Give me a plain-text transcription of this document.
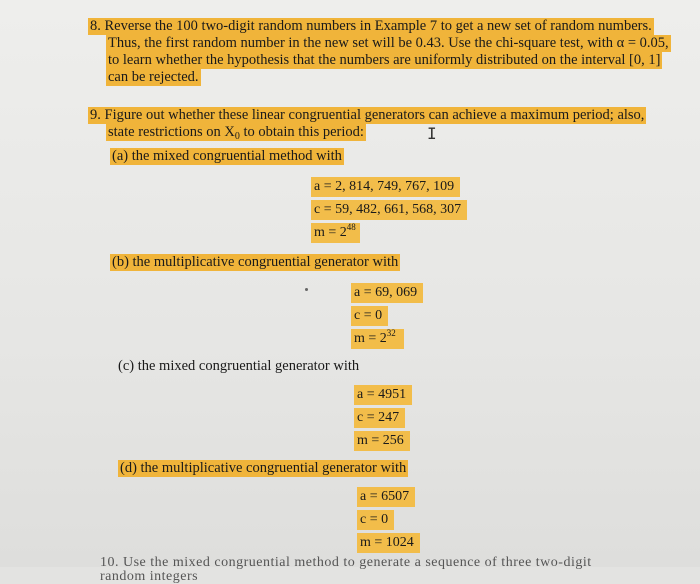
8. Reverse the 100 two-digit random numbers in Example 7 to get a new set of random numbers.
Thus, the first random number in the new set will be 0.43. Use the chi-square test, with α = 0.05,
to learn whether the hypothesis that the numbers are uniformly distributed on the interval [0, 1]
can be rejected.
9. Figure out whether these linear congruential generators can achieve a maximum period; also,
state restrictions on $X_0$ to obtain this period:	I
(a) the mixed congruential method with
a = 2, 814, 749, 767, 109
c = 59, 482, 661, 568, 307
$m = 2^{48}$
(b) the multiplicative congruential generator with
a = 69, 069
c = 0
$m = 2^{32}$
(c) the mixed congruential generator with
a = 4951
c = 247
m = 256
(d) the multiplicative congruential generator with
a = 6507
c = 0
m = 1024
10. Use the mixed congruential method to generate a sequence of three two-digit random integers
